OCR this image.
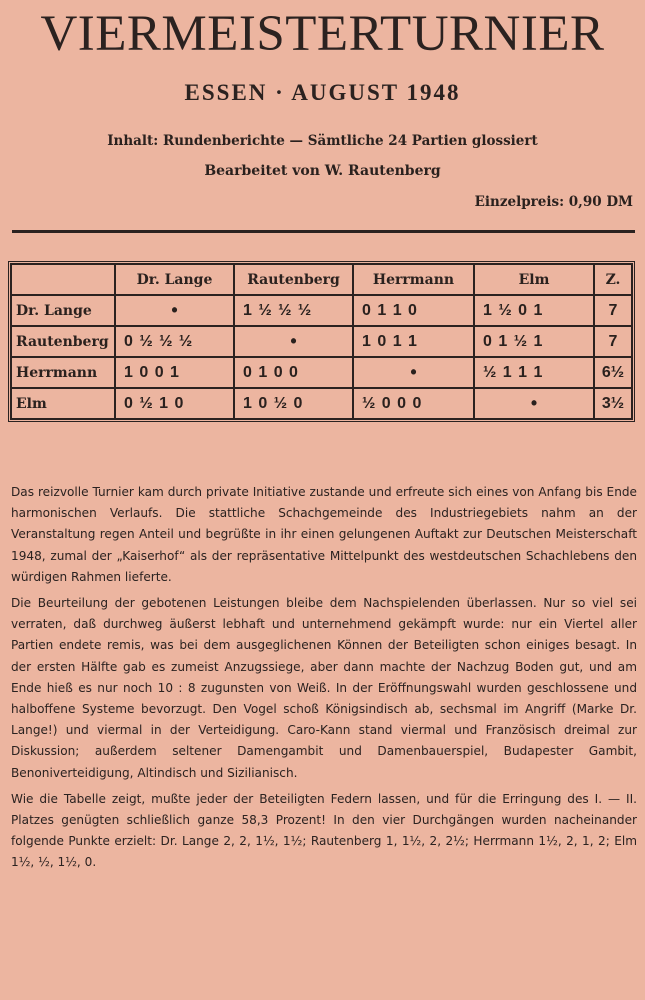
VIERMEISTERTURNIER
ESSEN · AUGUST 1948
Inhalt: Rundenberichte — Sämtliche 24 Partien glossiert
Bearbeitet von W. Rautenberg
Einzelpreis: 0,90 DM
	Dr. Lange	Rautenberg	Herrmann	Elm	Z.
Dr. Lange	•	1 ½ ½ ½	0 1 1 0	1 ½ 0 1	7
Rautenberg	0 ½ ½ ½	•	1 0 1 1	0 1 ½ 1	7
Herrmann	1 0 0 1	0 1 0 0	•	½ 1 1 1	6½
Elm	0 ½ 1 0	1 0 ½ 0	½ 0 0 0	•	3½

Das reizvolle Turnier kam durch private Initiative zustande und erfreute sich eines von Anfang bis Ende harmonischen Verlaufs. Die stattliche Schachgemeinde des Industriegebiets nahm an der Veranstaltung regen Anteil und begrüßte in ihr einen gelungenen Auftakt zur Deutschen Meisterschaft 1948, zumal der „Kaiserhof“ als der repräsentative Mittelpunkt des westdeutschen Schachlebens den würdigen Rahmen lieferte.

Die Beurteilung der gebotenen Leistungen bleibe dem Nachspielenden überlassen. Nur so viel sei verraten, daß durchweg äußerst lebhaft und unternehmend gekämpft wurde: nur ein Viertel aller Partien endete remis, was bei dem ausgeglichenen Können der Beteiligten schon einiges besagt. In der ersten Hälfte gab es zumeist Anzugssiege, aber dann machte der Nachzug Boden gut, und am Ende hieß es nur noch 10 : 8 zugunsten von Weiß. In der Eröffnungswahl wurden geschlossene und halboffene Systeme bevorzugt. Den Vogel schoß Königsindisch ab, sechsmal im Angriff (Marke Dr. Lange!) und viermal in der Verteidigung. Caro-Kann stand viermal und Französisch dreimal zur Diskussion; außerdem seltener Damengambit und Damenbauerspiel, Budapester Gambit, Benoniverteidigung, Altindisch und Sizilianisch.

Wie die Tabelle zeigt, mußte jeder der Beteiligten Federn lassen, und für die Erringung des I. — II. Platzes genügten schließlich ganze 58,3 Prozent! In den vier Durchgängen wurden nacheinander folgende Punkte erzielt: Dr. Lange 2, 2, 1½, 1½; Rautenberg 1, 1½, 2, 2½; Herrmann 1½, 2, 1, 2; Elm 1½, ½, 1½, 0.
